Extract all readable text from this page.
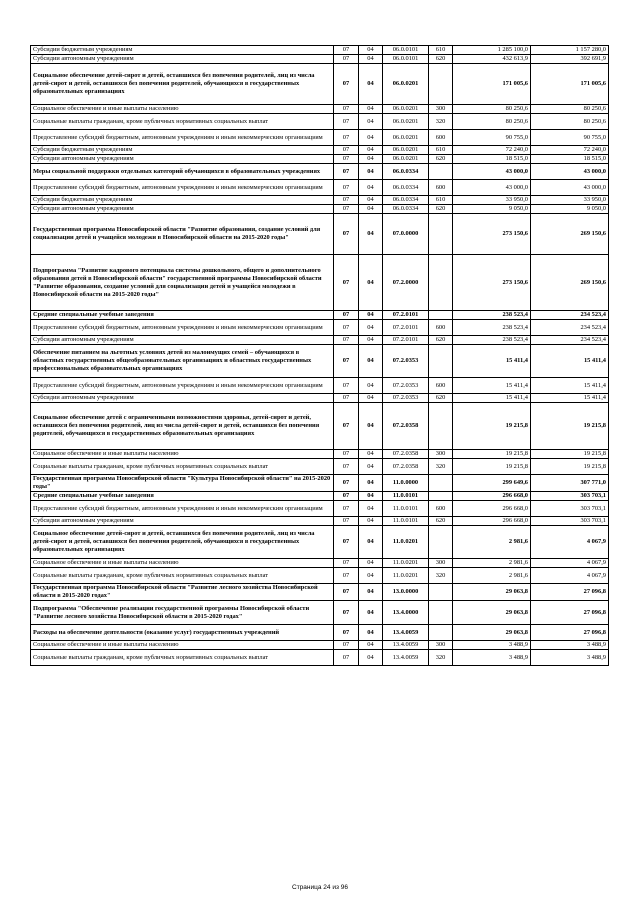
Субсидии бюджетным учреждениям	07	04	06.0.0101	610	1 285 100,0	1 157 280,0
Субсидии автономным учреждениям	07	04	06.0.0101	620	432 613,9	392 691,9
Социальное обеспечение детей-сирот и детей, оставшихся без попечения родителей, лиц из числа детей-сирот и детей, оставшихся без попечения родителей, обучающихся в государственных образовательных организациях	07	04	06.0.0201		171 005,6	171 005,6
Социальное обеспечение и иные выплаты населению	07	04	06.0.0201	300	80 250,6	80 250,6
Социальные выплаты гражданам, кроме публичных нормативных социальных выплат	07	04	06.0.0201	320	80 250,6	80 250,6
Предоставление субсидий бюджетным, автономным учреждениям и иным некоммерческим организациям	07	04	06.0.0201	600	90 755,0	90 755,0
Субсидии бюджетным учреждениям	07	04	06.0.0201	610	72 240,0	72 240,0
Субсидии автономным учреждениям	07	04	06.0.0201	620	18 515,0	18 515,0
Меры социальной поддержки отдельных категорий обучающихся в образовательных учреждениях	07	04	06.0.0334		43 000,0	43 000,0
Предоставление субсидий бюджетным, автономным учреждениям и иным некоммерческим организациям	07	04	06.0.0334	600	43 000,0	43 000,0
Субсидии бюджетным учреждениям	07	04	06.0.0334	610	33 950,0	33 950,0
Субсидии автономным учреждениям	07	04	06.0.0334	620	9 050,0	9 050,0
Государственная программа Новосибирской области "Развитие образования, создание условий для социализации детей и учащейся молодежи в Новосибирской области на 2015-2020 годы"	07	04	07.0.0000		273 150,6	269 150,6
Подпрограмма "Развитие кадрового потенциала системы дошкольного, общего и дополнительного образования детей в Новосибирской области" государственной программы Новосибирской области "Развитие образования, создание условий для социализации детей и учащейся молодежи в Новосибирской области на 2015-2020 годы"	07	04	07.2.0000		273 150,6	269 150,6
Средние специальные учебные заведения	07	04	07.2.0101		238 523,4	234 523,4
Предоставление субсидий бюджетным, автономным учреждениям и иным некоммерческим организациям	07	04	07.2.0101	600	238 523,4	234 523,4
Субсидии автономным учреждениям	07	04	07.2.0101	620	238 523,4	234 523,4
Обеспечение питанием на льготных условиях детей из малоимущих семей – обучающихся в областных государственных общеобразовательных организациях и областных государственных профессиональных образовательных организациях	07	04	07.2.0353		15 411,4	15 411,4
Предоставление субсидий бюджетным, автономным учреждениям и иным некоммерческим организациям	07	04	07.2.0353	600	15 411,4	15 411,4
Субсидии автономным учреждениям	07	04	07.2.0353	620	15 411,4	15 411,4
Социальное обеспечение детей с ограниченными возможностями здоровья, детей-сирот и детей, оставшихся без попечения родителей, лиц из числа детей-сирот и детей, оставшихся без попечения родителей, обучающихся в государственных образовательных организациях	07	04	07.2.0358		19 215,8	19 215,8
Социальное обеспечение и иные выплаты населению	07	04	07.2.0358	300	19 215,8	19 215,8
Социальные выплаты гражданам, кроме публичных нормативных социальных выплат	07	04	07.2.0358	320	19 215,8	19 215,8
Государственная программа Новосибирской области "Культура Новосибирской области" на 2015-2020 годы"	07	04	11.0.0000		299 649,6	307 771,0
Средние специальные учебные заведения	07	04	11.0.0101		296 668,0	303 703,1
Предоставление субсидий бюджетным, автономным учреждениям и иным некоммерческим организациям	07	04	11.0.0101	600	296 668,0	303 703,1
Субсидии автономным учреждениям	07	04	11.0.0101	620	296 668,0	303 703,1
Социальное обеспечение детей-сирот и детей, оставшихся без попечения родителей, лиц из числа детей-сирот и детей, оставшихся без попечения родителей, обучающихся в государственных образовательных организациях	07	04	11.0.0201		2 981,6	4 067,9
Социальное обеспечение и иные выплаты населению	07	04	11.0.0201	300	2 981,6	4 067,9
Социальные выплаты гражданам, кроме публичных нормативных социальных выплат	07	04	11.0.0201	320	2 981,6	4 067,9
Государственная программа Новосибирской области "Развитие лесного хозяйства Новосибирской области в 2015-2020 годах"	07	04	13.0.0000		29 063,8	27 096,8
Подпрограмма "Обеспечение реализации государственной программы Новосибирской области "Развитие лесного хозяйства Новосибирской области в 2015-2020 годах"	07	04	13.4.0000		29 063,8	27 096,8
Расходы на обеспечение деятельности (оказание услуг) государственных учреждений	07	04	13.4.0059		29 063,8	27 096,8
Социальное обеспечение и иные выплаты населению	07	04	13.4.0059	300	3 488,9	3 488,9
Социальные выплаты гражданам, кроме публичных нормативных социальных выплат	07	04	13.4.0059	320	3 488,9	3 488,9
Страница 24 из 96
